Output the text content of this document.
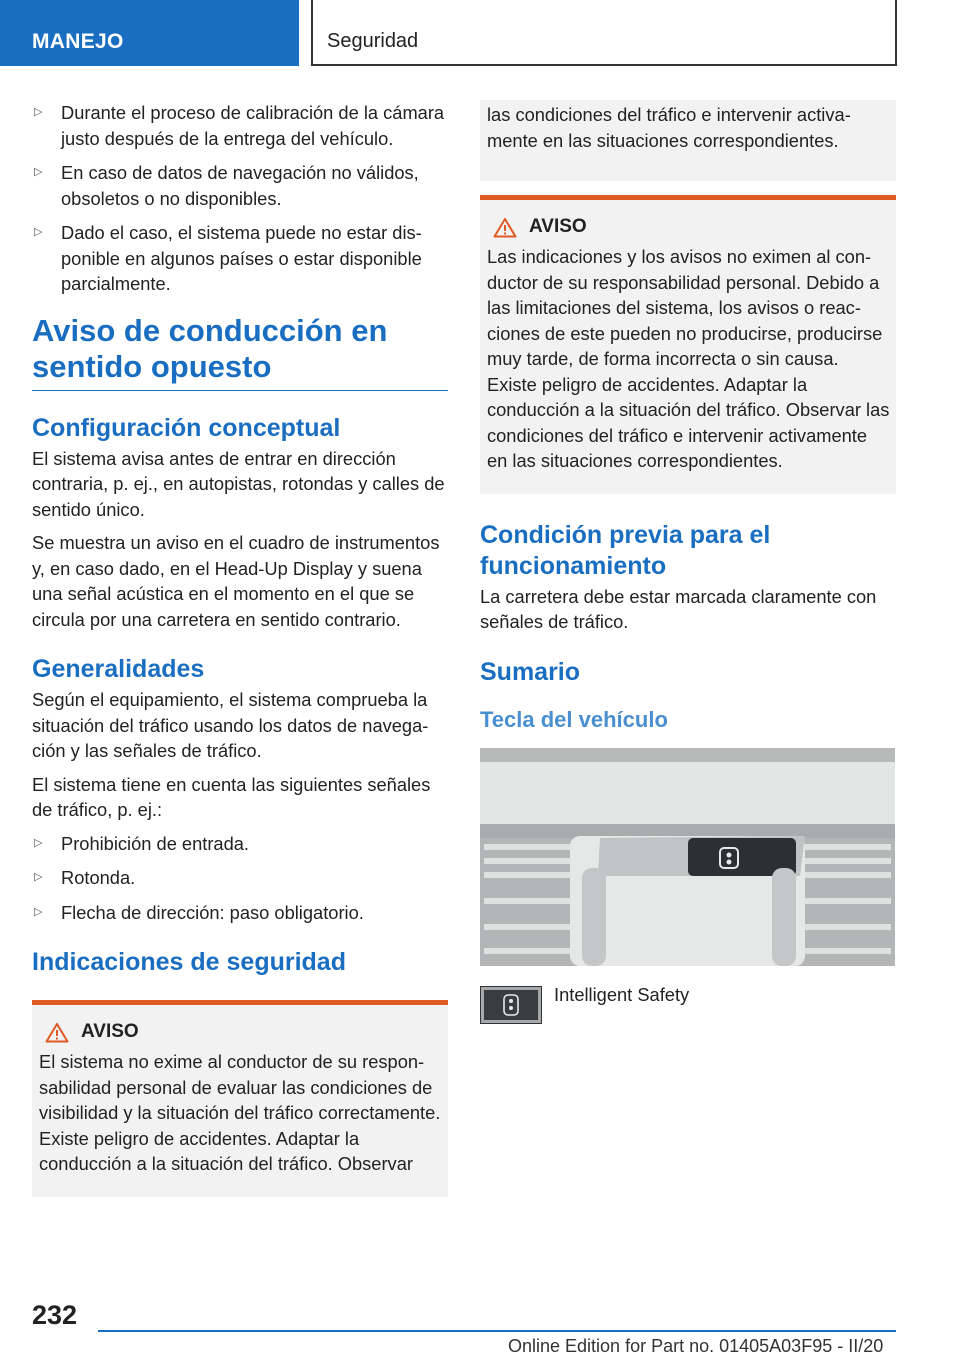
MANEJO	Seguridad
▷ Durante el proceso de calibración de la cámara justo después de la entrega del vehículo.
▷ En caso de datos de navegación no válidos, obsoletos o no disponibles.
▷ Dado el caso, el sistema puede no estar disponible en algunos países o estar disponible parcialmente.
Aviso de conducción en sentido opuesto
Configuración conceptual

El sistema avisa antes de entrar en dirección contraria, p. ej., en autopistas, rotondas y calles de sentido único.

Se muestra un aviso en el cuadro de instrumentos y, en caso dado, en el Head-Up Display y suena una señal acústica en el momento en el que se circula por una carretera en sentido contrario.

Generalidades

Según el equipamiento, el sistema comprueba la situación del tráfico usando los datos de navegación y las señales de tráfico.

El sistema tiene en cuenta las siguientes señales de tráfico, p. ej.:

▷ Prohibición de entrada.
▷ Rotonda.
▷ Flecha de dirección: paso obligatorio.
Indicaciones de seguridad
AVISO

El sistema no exime al conductor de su responsabilidad personal de evaluar las condiciones de visibilidad y la situación del tráfico correctamente. Existe peligro de accidentes. Adaptar la conducción a la situación del tráfico. Observar

las condiciones del tráfico e intervenir activamente en las situaciones correspondientes.

AVISO

Las indicaciones y los avisos no eximen al conductor de su responsabilidad personal. Debido a las limitaciones del sistema, los avisos o reacciones de este pueden no producirse, producirse muy tarde, de forma incorrecta o sin causa. Existe peligro de accidentes. Adaptar la conducción a la situación del tráfico. Observar las condiciones del tráfico e intervenir activamente en las situaciones correspondientes.

Condición previa para el funcionamiento

La carretera debe estar marcada claramente con señales de tráfico.

Sumario
Tecla del vehículo

Intelligent Safety

232
Online Edition for Part no. 01405A03F95 - II/20
